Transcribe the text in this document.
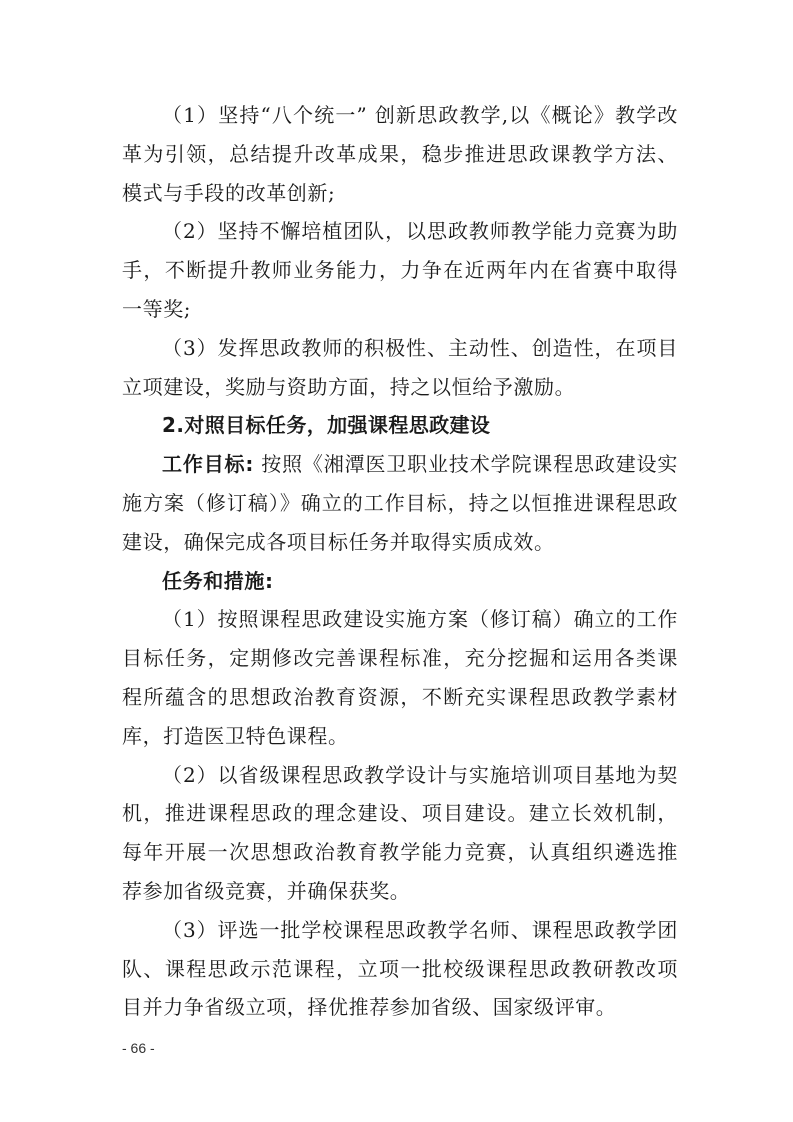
（1）坚持“八个统一” 创新思政教学,以《概论》教学改革为引领，总结提升改革成果，稳步推进思政课教学方法、模式与手段的改革创新;

（2）坚持不懈培植团队，以思政教师教学能力竞赛为助手，不断提升教师业务能力，力争在近两年内在省赛中取得一等奖;

（3）发挥思政教师的积极性、主动性、创造性，在项目立项建设，奖励与资助方面，持之以恒给予激励。

2.对照目标任务，加强课程思政建设

工作目标: 按照《湘潭医卫职业技术学院课程思政建设实施方案（修订稿）》确立的工作目标，持之以恒推进课程思政建设，确保完成各项目标任务并取得实质成效。

任务和措施:

（1）按照课程思政建设实施方案（修订稿）确立的工作目标任务，定期修改完善课程标准，充分挖掘和运用各类课程所蕴含的思想政治教育资源，不断充实课程思政教学素材库，打造医卫特色课程。

（2）以省级课程思政教学设计与实施培训项目基地为契机，推进课程思政的理念建设、项目建设。建立长效机制，每年开展一次思想政治教育教学能力竞赛，认真组织遴选推荐参加省级竞赛，并确保获奖。

（3）评选一批学校课程思政教学名师、课程思政教学团队、课程思政示范课程，立项一批校级课程思政教研教改项目并力争省级立项，择优推荐参加省级、国家级评审。

- 66 -
